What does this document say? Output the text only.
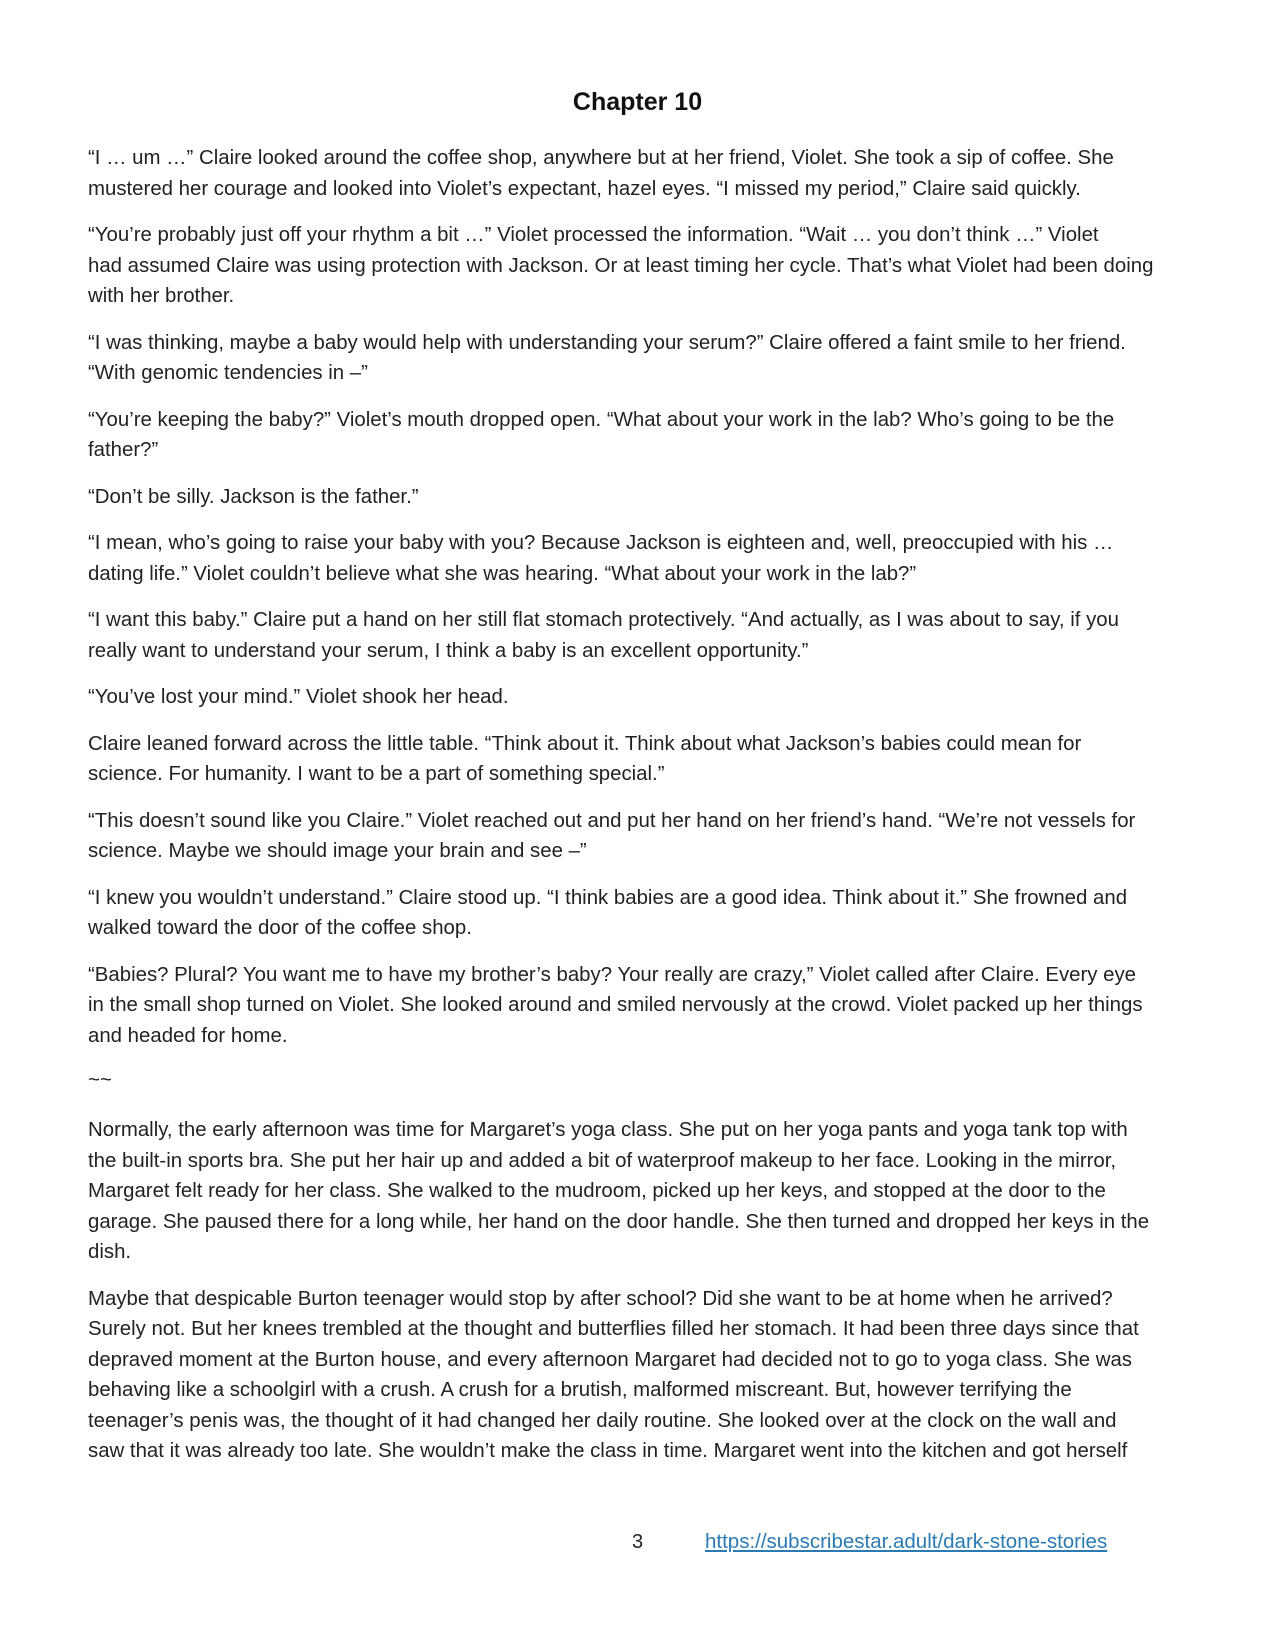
Chapter 10

“I … um …” Claire looked around the coffee shop, anywhere but at her friend, Violet. She took a sip of coffee. She
mustered her courage and looked into Violet’s expectant, hazel eyes. “I missed my period,” Claire said quickly.

“You’re probably just off your rhythm a bit …” Violet processed the information. “Wait … you don’t think …” Violet
had assumed Claire was using protection with Jackson. Or at least timing her cycle. That’s what Violet had been doing
with her brother.

“I was thinking, maybe a baby would help with understanding your serum?” Claire offered a faint smile to her friend.
“With genomic tendencies in –”

“You’re keeping the baby?” Violet’s mouth dropped open. “What about your work in the lab? Who’s going to be the
father?”

“Don’t be silly. Jackson is the father.”

“I mean, who’s going to raise your baby with you? Because Jackson is eighteen and, well, preoccupied with his …
dating life.” Violet couldn’t believe what she was hearing. “What about your work in the lab?”

“I want this baby.” Claire put a hand on her still flat stomach protectively. “And actually, as I was about to say, if you
really want to understand your serum, I think a baby is an excellent opportunity.”

“You’ve lost your mind.” Violet shook her head.

Claire leaned forward across the little table. “Think about it. Think about what Jackson’s babies could mean for
science. For humanity. I want to be a part of something special.”

“This doesn’t sound like you Claire.” Violet reached out and put her hand on her friend’s hand. “We’re not vessels for
science. Maybe we should image your brain and see –”

“I knew you wouldn’t understand.” Claire stood up. “I think babies are a good idea. Think about it.” She frowned and
walked toward the door of the coffee shop.

“Babies? Plural? You want me to have my brother’s baby? Your really are crazy,” Violet called after Claire. Every eye
in the small shop turned on Violet. She looked around and smiled nervously at the crowd. Violet packed up her things
and headed for home.

~~

Normally, the early afternoon was time for Margaret’s yoga class. She put on her yoga pants and yoga tank top with
the built-in sports bra. She put her hair up and added a bit of waterproof makeup to her face. Looking in the mirror,
Margaret felt ready for her class. She walked to the mudroom, picked up her keys, and stopped at the door to the
garage. She paused there for a long while, her hand on the door handle. She then turned and dropped her keys in the
dish.

Maybe that despicable Burton teenager would stop by after school? Did she want to be at home when he arrived?
Surely not. But her knees trembled at the thought and butterflies filled her stomach. It had been three days since that
depraved moment at the Burton house, and every afternoon Margaret had decided not to go to yoga class. She was
behaving like a schoolgirl with a crush. A crush for a brutish, malformed miscreant. But, however terrifying the
teenager’s penis was, the thought of it had changed her daily routine. She looked over at the clock on the wall and
saw that it was already too late. She wouldn’t make the class in time. Margaret went into the kitchen and got herself

3	https://subscribestar.adult/dark-stone-stories
